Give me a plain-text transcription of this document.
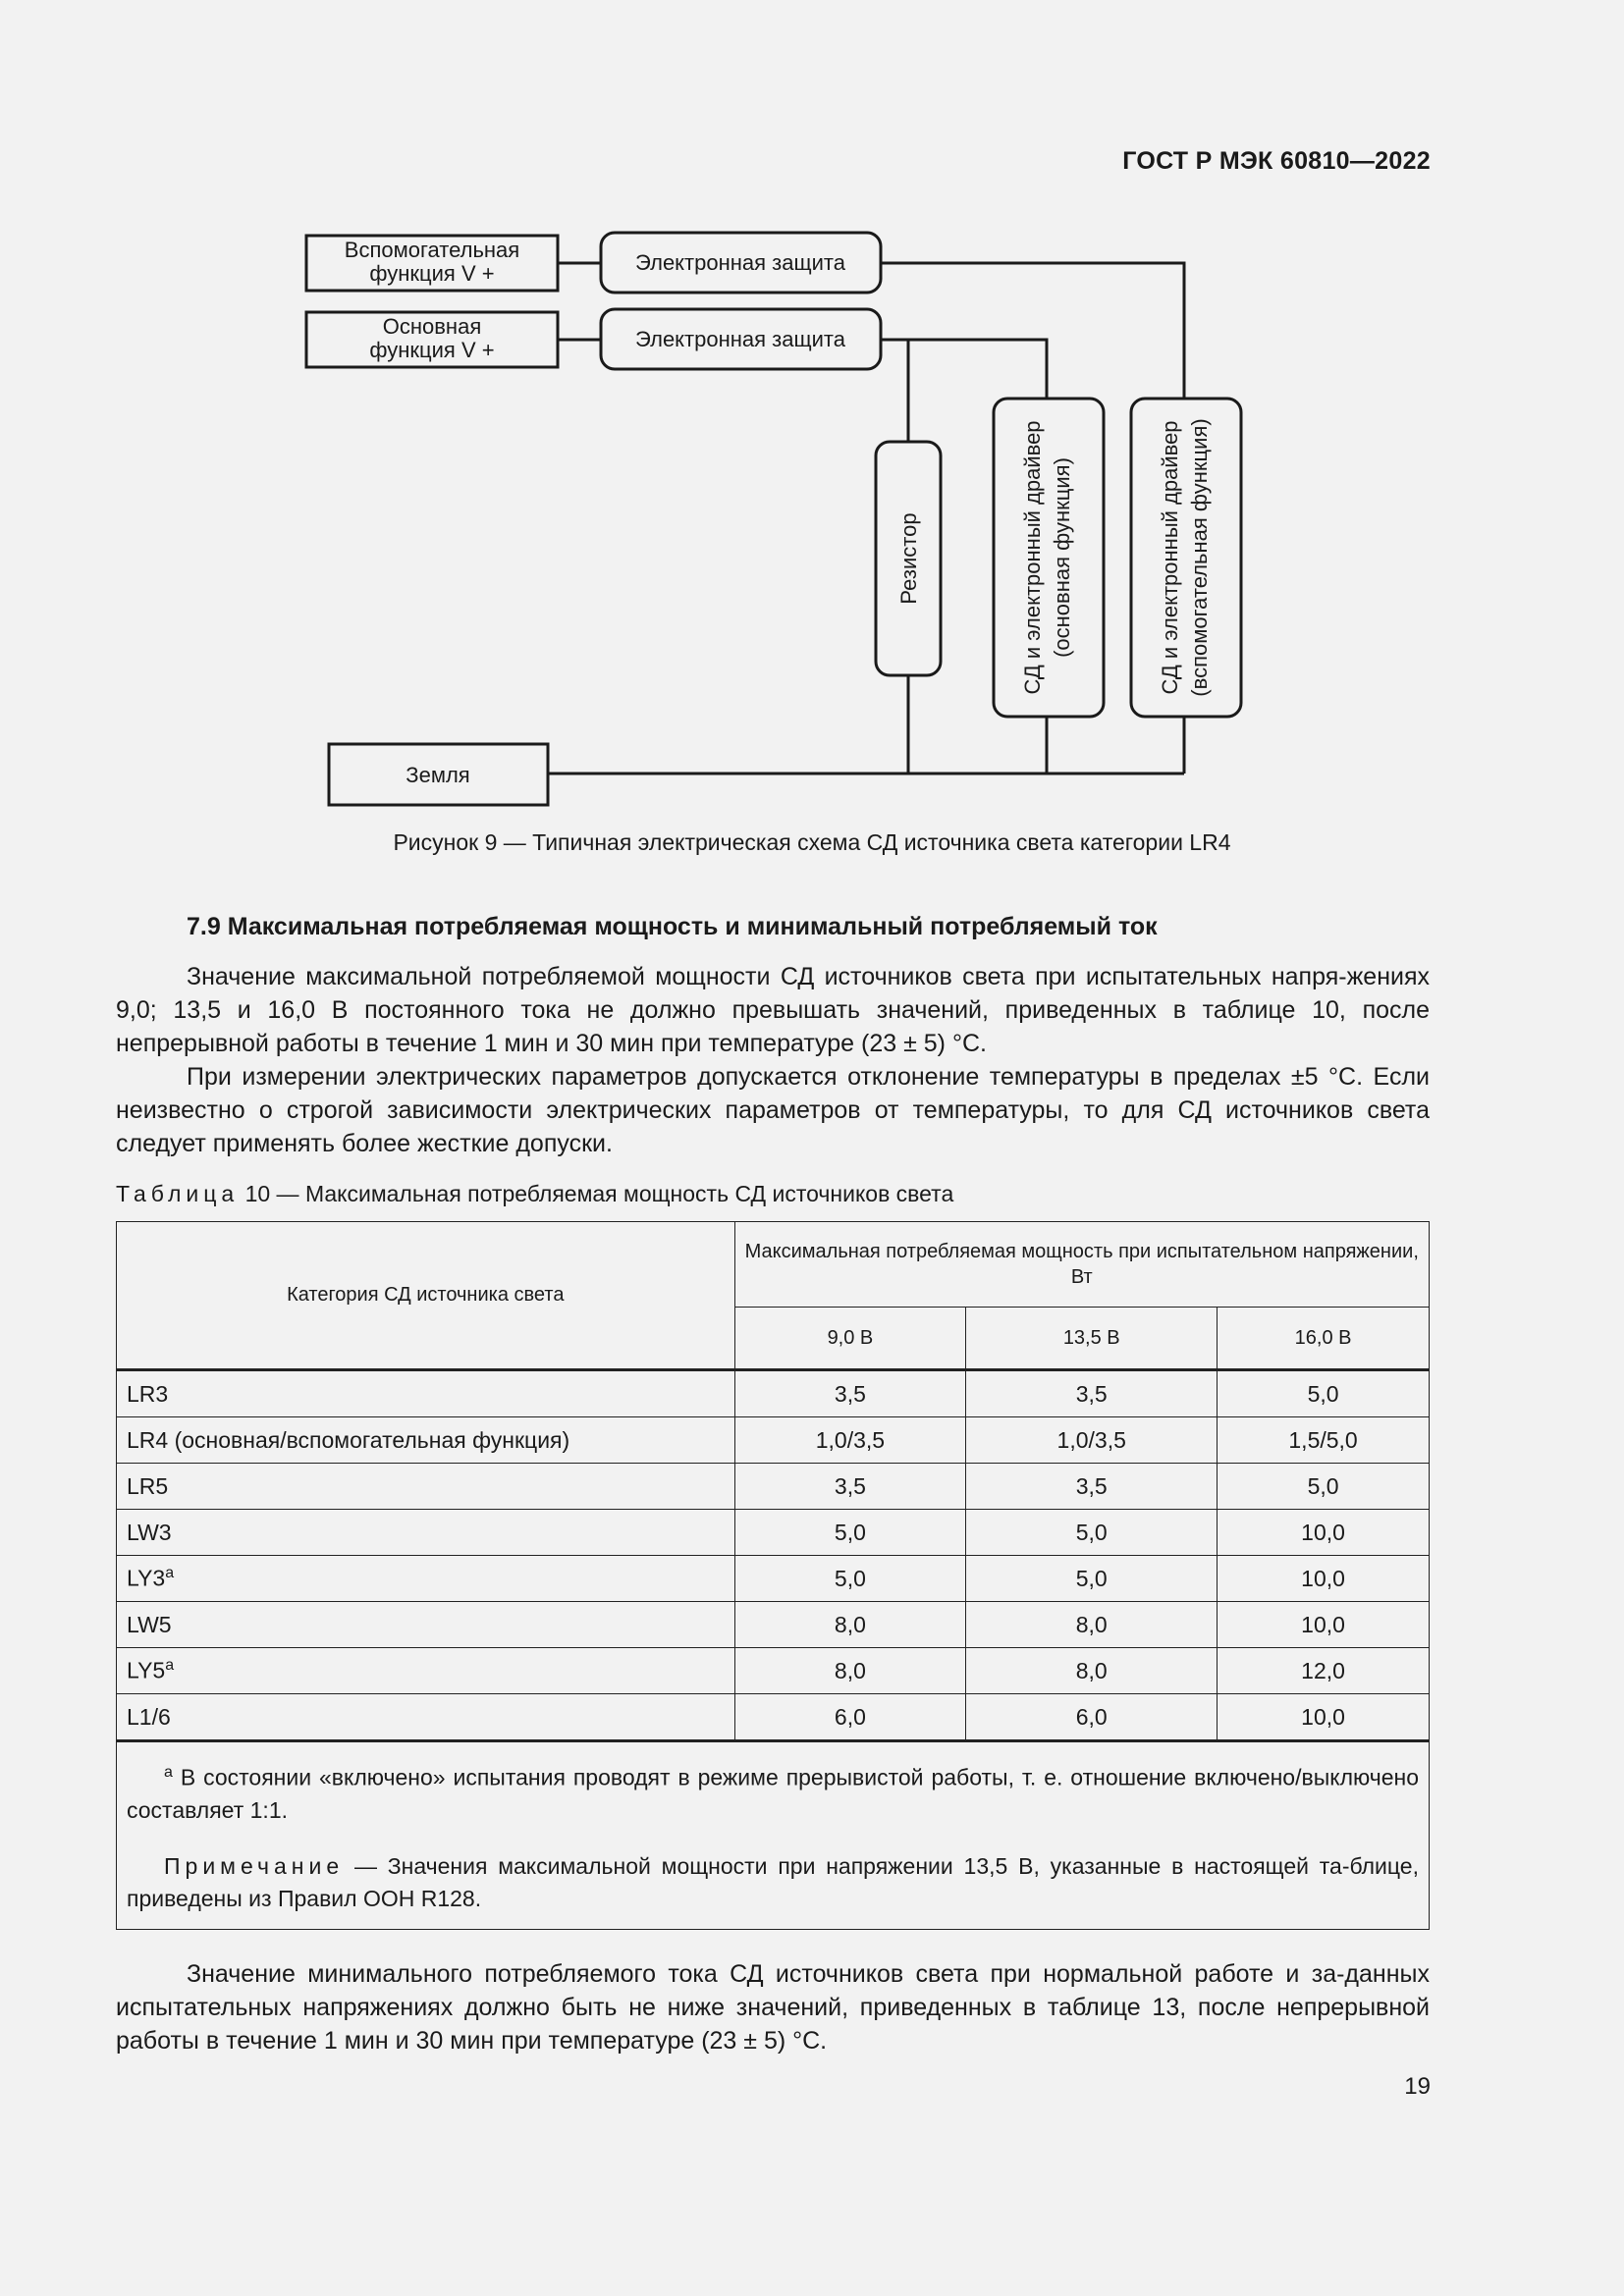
ГОСТ Р МЭК 60810—2022
Вспомогательная
функция V +
Основная
функция V +
Электронная защита
Электронная защита
Земля
Резистор	СД и электронный драйвер (основная функция)	СД и электронный драйвер (вспомогательная функция)
Рисунок 9 — Типичная электрическая схема СД источника света категории LR4
7.9 Максимальная потребляемая мощность и минимальный потребляемый ток
Значение максимальной потребляемой мощности СД источников света при испытательных напря-жениях 9,0; 13,5 и 16,0 В постоянного тока не должно превышать значений, приведенных в таблице 10, после непрерывной работы в течение 1 мин и 30 мин при температуре (23 ± 5) °С.
При измерении электрических параметров допускается отклонение температуры в пределах ±5 °С. Если неизвестно о строгой зависимости электрических параметров от температуры, то для СД источников света следует применять более жесткие допуски.
Таблица 10 — Максимальная потребляемая мощность СД источников света
Категория СД источника света	Максимальная потребляемая мощность при испытательном напряжении, Вт		
	9,0 В	13,5 В	16,0 В
LR3	3,5	3,5	5,0
LR4 (основная/вспомогательная функция)	1,0/3,5	1,0/3,5	1,5/5,0
LR5	3,5	3,5	5,0
LW3	5,0	5,0	10,0
LY3$^a$	5,0	5,0	10,0
LW5	8,0	8,0	10,0
LY5$^a$	8,0	8,0	12,0
L1/6	6,0	6,0	10,0

$^a$ В состоянии «включено» испытания проводят в режиме прерывистой работы, т. е. отношение включено/выключено составляет 1:1.
Примечание — Значения максимальной мощности при напряжении 13,5 В, указанные в настоящей та-блице, приведены из Правил ООН R128.			
Значение минимального потребляемого тока СД источников света при нормальной работе и за-данных испытательных напряжениях должно быть не ниже значений, приведенных в таблице 13, после непрерывной работы в течение 1 мин и 30 мин при температуре (23 ± 5) °С.
19
